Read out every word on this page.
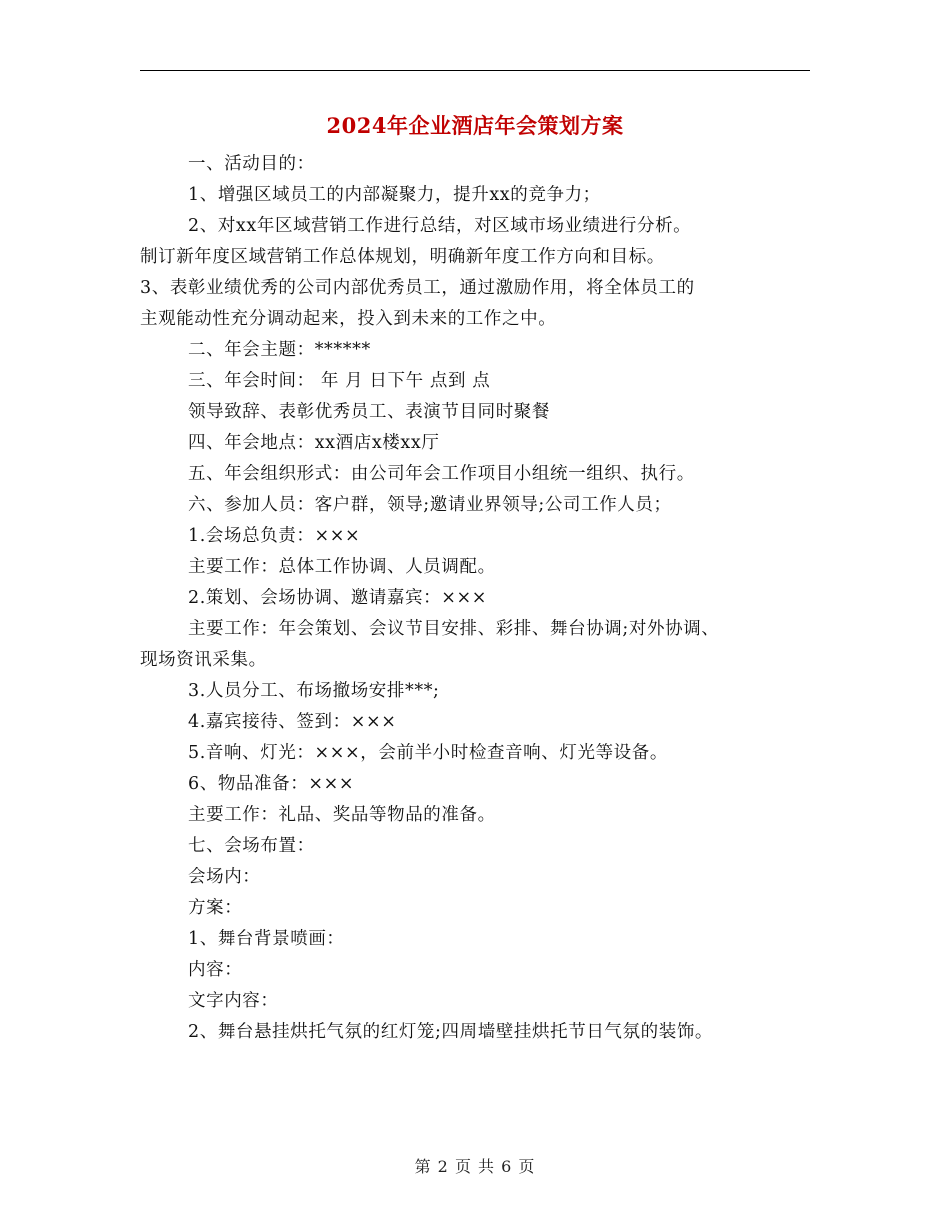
2024年企业酒店年会策划方案
一、活动目的：
1、增强区域员工的内部凝聚力，提升xx的竞争力；
2、对xx年区域营销工作进行总结，对区域市场业绩进行分析。
制订新年度区域营销工作总体规划，明确新年度工作方向和目标。
3、表彰业绩优秀的公司内部优秀员工，通过激励作用，将全体员工的
主观能动性充分调动起来，投入到未来的工作之中。
二、年会主题：******
三、年会时间： 年 月 日下午 点到 点
领导致辞、表彰优秀员工、表演节目同时聚餐
四、年会地点：xx酒店x楼xx厅
五、年会组织形式：由公司年会工作项目小组统一组织、执行。
六、参加人员：客户群，领导;邀请业界领导;公司工作人员；
1.会场总负责：×××
主要工作：总体工作协调、人员调配。
2.策划、会场协调、邀请嘉宾：×××
主要工作：年会策划、会议节目安排、彩排、舞台协调;对外协调、
现场资讯采集。
3.人员分工、布场撤场安排***;
4.嘉宾接待、签到：×××
5.音响、灯光：×××，会前半小时检查音响、灯光等设备。
6、物品准备：×××
主要工作：礼品、奖品等物品的准备。
七、会场布置：
会场内：
方案：
1、舞台背景喷画：
内容：
文字内容：
2、舞台悬挂烘托气氛的红灯笼;四周墙壁挂烘托节日气氛的装饰。
第 2 页 共 6 页
